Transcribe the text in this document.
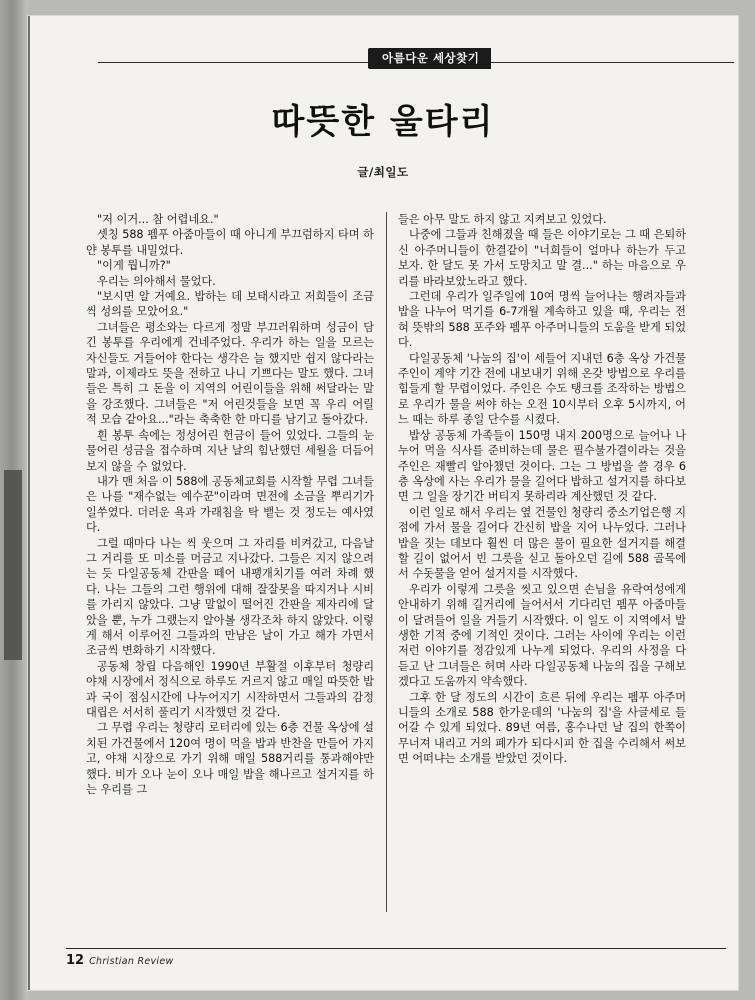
아름다운 세상찾기
따뜻한 울타리
글/최일도

"저 이거... 참 어렵네요."

셋칭 588 펨푸 아줌마들이 때 아니게 부끄럼하지 타며 하얀 봉투를 내밀었다.

"이게 뭡니까?"

우리는 의아해서 물었다.

"보시면 알 거예요. 밥하는 데 보태시라고 저희들이 조금씩 성의를 모았어요."

그녀들은 평소와는 다르게 정말 부끄러워하며 성금이 담긴 봉투를 우리에게 건네주었다. 우리가 하는 일을 모르는 자신들도 거들어야 한다는 생각은 늘 했지만 쉽지 않다라는 말과, 이제라도 뜻을 전하고 나니 기쁘다는 말도 했다. 그녀들은 특히 그 돈을 이 지역의 어린이들을 위해 써달라는 말을 강조했다. 그녀들은 "저 어린것들을 보면 꼭 우리 어릴 적 모습 같아요..."라는 축축한 한 마디를 남기고 돌아갔다.

흰 봉투 속에는 정성어린 헌금이 들어 있었다. 그들의 눈물어린 성금을 접수하며 지난 날의 힘난했던 세월을 더듬어보지 않을 수 없었다.

내가 맨 처음 이 588에 공동체교회를 시작할 무렵 그녀들은 나를 "재수없는 예수꾼"이라며 면전에 소금을 뿌리기가 일쑤였다. 더러운 욕과 가래침을 탁 뱉는 것 정도는 예사였다.

그럴 때마다 나는 씩 웃으며 그 자리를 비켜갔고, 다음날 그 거리를 또 미소를 머금고 지나갔다. 그들은 지지 않으려는 듯 다일공동체 간판을 떼어 내팽개치기를 여러 차례 했다. 나는 그들의 그런 행위에 대해 잘잘못을 따지거나 시비를 가리지 않았다. 그냥 말없이 떨어진 간판을 제자리에 달았을 뿐, 누가 그랬는지 알아볼 생각조차 하지 않았다. 이렇게 해서 이루어진 그들과의 만남은 날이 가고 해가 가면서 조금씩 변화하기 시작했다.

공동체 창립 다음해인 1990년 부활절 이후부터 청량리 야채 시장에서 정식으로 하루도 거르지 않고 매일 따뜻한 밥과 국이 점심시간에 나누어지기 시작하면서 그들과의 감정 대립은 서서히 풀리기 시작했던 것 같다.

그 무렵 우리는 청량리 로터리에 있는 6층 건물 옥상에 설치된 가건물에서 120여 명이 먹을 밥과 반찬을 만들어 가지고, 야채 시장으로 가기 위해 매일 588거리를 통과해야만 했다. 비가 오나 눈이 오나 매일 밥을 해나르고 설거지를 하는 우리를 그

들은 아무 말도 하지 않고 지켜보고 있었다.

나중에 그들과 친해졌을 때 들은 이야기로는 그 때 은퇴하신 아주머니들이 한결같이 "너희들이 얼마나 하는가 두고 보자. 한 달도 못 가서 도망치고 말 결..." 하는 마음으로 우리를 바라보았노라고 했다.

그런데 우리가 일주일에 10여 명씩 늘어나는 행려자들과 밥을 나누어 먹기를 6-7개월 계속하고 있을 때, 우리는 전혀 뜻밖의 588 포주와 펨푸 아주머니들의 도움을 받게 되었다.

다일공동체 '나눔의 집'이 세들어 지내던 6층 옥상 가건물 주인이 계약 기간 전에 내보내기 위해 온갖 방법으로 우리를 힘들게 할 무렵이었다. 주인은 수도 탱크를 조작하는 방법으로 우리가 물을 써야 하는 오전 10시부터 오후 5시까지, 어느 때는 하루 종일 단수를 시켰다.

밥상 공동체 가족들이 150명 내지 200명으로 늘어나 나누어 먹을 식사를 준비하는데 물은 필수불가결이라는 것을 주인은 재빨리 알아챘던 것이다. 그는 그 방법을 쓸 경우 6층 옥상에 사는 우리가 물을 길어다 밥하고 설거지를 하다보면 그 일을 장기간 버티지 못하리라 계산했던 것 같다.

이런 일로 해서 우리는 옆 건물인 청량리 중소기업은행 지점에 가서 물을 길어다 간신히 밥을 지어 나누었다. 그러나 밥을 짓는 데보다 훨씬 더 많은 물이 필요한 설거지를 해결할 길이 없어서 빈 그릇을 싣고 돌아오던 길에 588 골목에서 수돗물을 얻어 설거지를 시작했다.

우리가 이렇게 그릇을 씻고 있으면 손님을 유락여성에게 안내하기 위해 길거리에 늘어서서 기다리던 펨푸 아줌마들이 달려들어 일을 거들기 시작했다. 이 일도 이 지역에서 발생한 기적 중에 기적인 것이다. 그러는 사이에 우리는 이런 저런 이야기를 정감있게 나누게 되었다. 우리의 사정을 다 듣고 난 그녀들은 허며 사라 다일공동체 나눔의 집을 구해보겠다고 도움까지 약속했다.

그후 한 달 정도의 시간이 흐른 뒤에 우리는 펨푸 아주머니들의 소개로 588 한가운데의 '나눔의 집'을 사글세로 들어갈 수 있게 되었다. 89년 여름, 홍수나던 날 집의 한쪽이 무너져 내리고 거의 폐가가 되다시피 한 집을 수리해서 써보면 어떠냐는 소개를 받았던 것이다.

12 Christian Review
